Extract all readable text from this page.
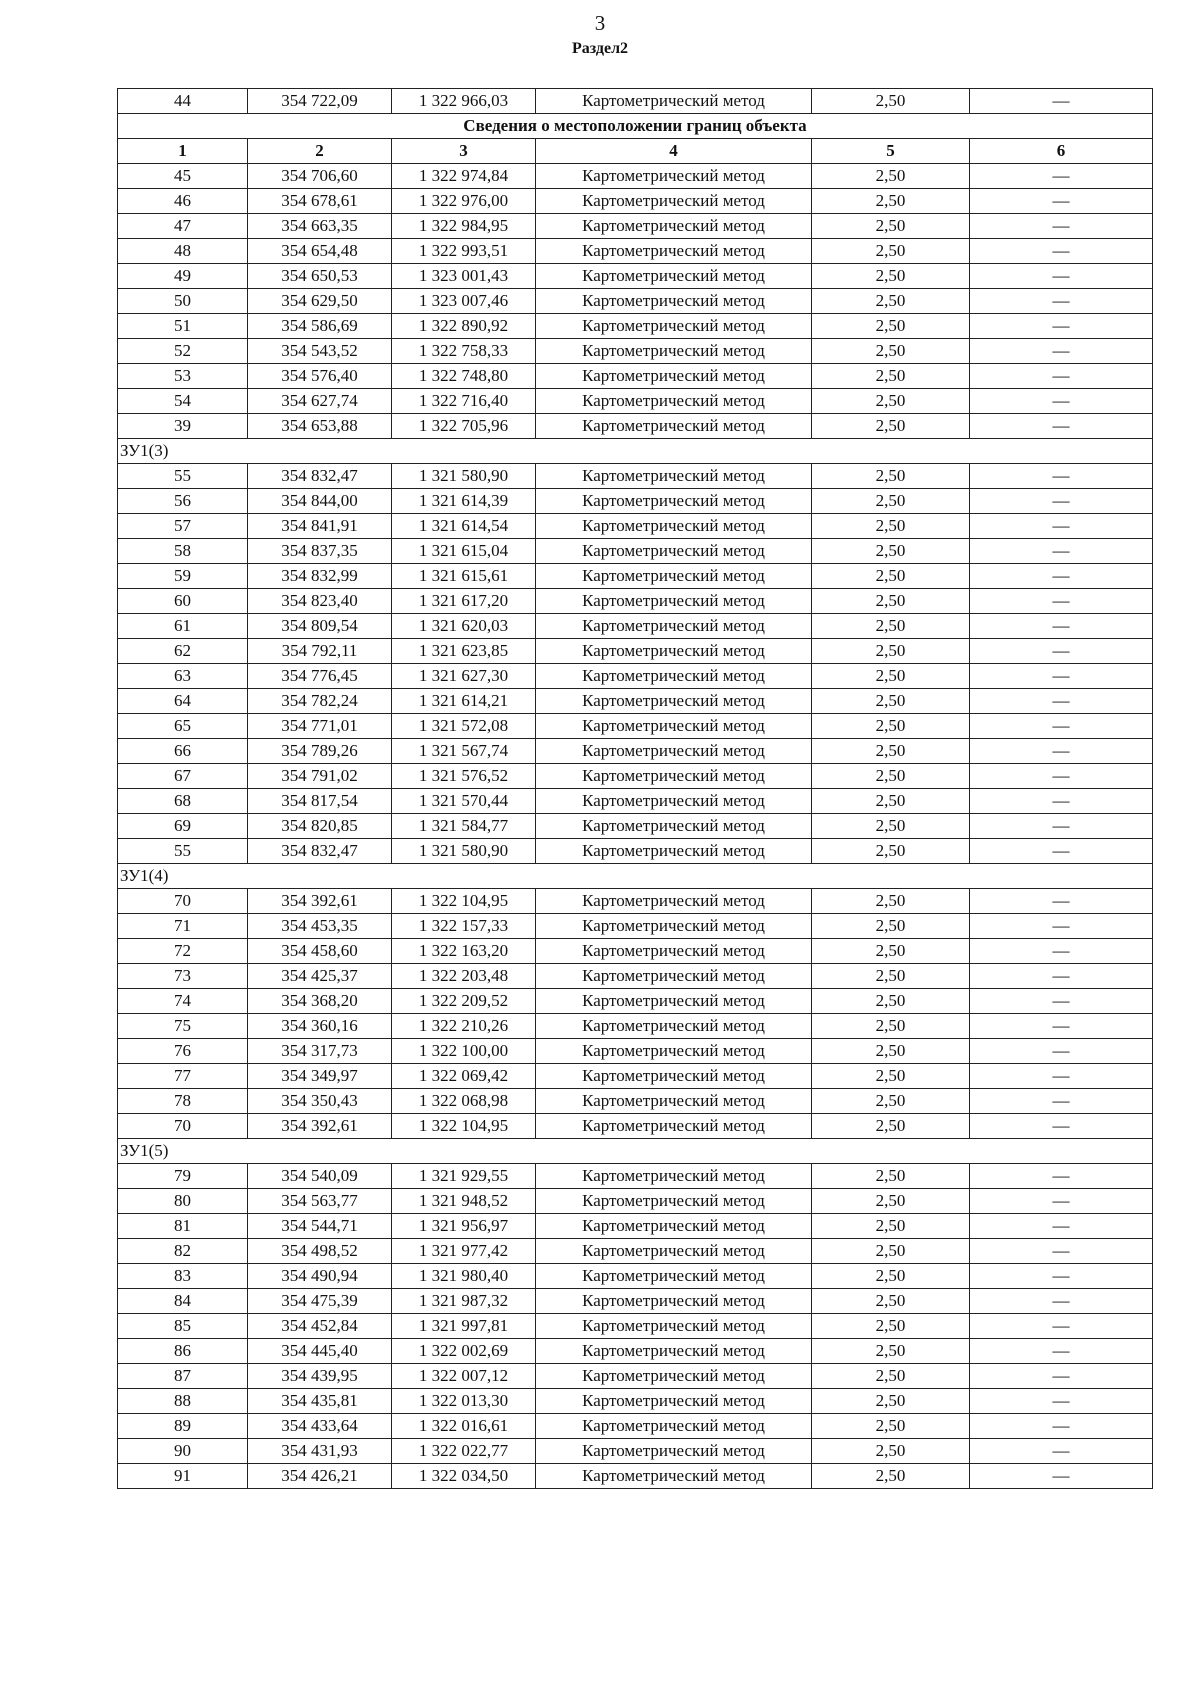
3
Раздел2
44	354 722,09	1 322 966,03	Картометрический метод	2,50	—
Сведения о местоположении границ объекта					
1	2	3	4	5	6
45	354 706,60	1 322 974,84	Картометрический метод	2,50	—
46	354 678,61	1 322 976,00	Картометрический метод	2,50	—
47	354 663,35	1 322 984,95	Картометрический метод	2,50	—
48	354 654,48	1 322 993,51	Картометрический метод	2,50	—
49	354 650,53	1 323 001,43	Картометрический метод	2,50	—
50	354 629,50	1 323 007,46	Картометрический метод	2,50	—
51	354 586,69	1 322 890,92	Картометрический метод	2,50	—
52	354 543,52	1 322 758,33	Картометрический метод	2,50	—
53	354 576,40	1 322 748,80	Картометрический метод	2,50	—
54	354 627,74	1 322 716,40	Картометрический метод	2,50	—
39	354 653,88	1 322 705,96	Картометрический метод	2,50	—
ЗУ1(3)					
55	354 832,47	1 321 580,90	Картометрический метод	2,50	—
56	354 844,00	1 321 614,39	Картометрический метод	2,50	—
57	354 841,91	1 321 614,54	Картометрический метод	2,50	—
58	354 837,35	1 321 615,04	Картометрический метод	2,50	—
59	354 832,99	1 321 615,61	Картометрический метод	2,50	—
60	354 823,40	1 321 617,20	Картометрический метод	2,50	—
61	354 809,54	1 321 620,03	Картометрический метод	2,50	—
62	354 792,11	1 321 623,85	Картометрический метод	2,50	—
63	354 776,45	1 321 627,30	Картометрический метод	2,50	—
64	354 782,24	1 321 614,21	Картометрический метод	2,50	—
65	354 771,01	1 321 572,08	Картометрический метод	2,50	—
66	354 789,26	1 321 567,74	Картометрический метод	2,50	—
67	354 791,02	1 321 576,52	Картометрический метод	2,50	—
68	354 817,54	1 321 570,44	Картометрический метод	2,50	—
69	354 820,85	1 321 584,77	Картометрический метод	2,50	—
55	354 832,47	1 321 580,90	Картометрический метод	2,50	—
ЗУ1(4)					
70	354 392,61	1 322 104,95	Картометрический метод	2,50	—
71	354 453,35	1 322 157,33	Картометрический метод	2,50	—
72	354 458,60	1 322 163,20	Картометрический метод	2,50	—
73	354 425,37	1 322 203,48	Картометрический метод	2,50	—
74	354 368,20	1 322 209,52	Картометрический метод	2,50	—
75	354 360,16	1 322 210,26	Картометрический метод	2,50	—
76	354 317,73	1 322 100,00	Картометрический метод	2,50	—
77	354 349,97	1 322 069,42	Картометрический метод	2,50	—
78	354 350,43	1 322 068,98	Картометрический метод	2,50	—
70	354 392,61	1 322 104,95	Картометрический метод	2,50	—
ЗУ1(5)					
79	354 540,09	1 321 929,55	Картометрический метод	2,50	—
80	354 563,77	1 321 948,52	Картометрический метод	2,50	—
81	354 544,71	1 321 956,97	Картометрический метод	2,50	—
82	354 498,52	1 321 977,42	Картометрический метод	2,50	—
83	354 490,94	1 321 980,40	Картометрический метод	2,50	—
84	354 475,39	1 321 987,32	Картометрический метод	2,50	—
85	354 452,84	1 321 997,81	Картометрический метод	2,50	—
86	354 445,40	1 322 002,69	Картометрический метод	2,50	—
87	354 439,95	1 322 007,12	Картометрический метод	2,50	—
88	354 435,81	1 322 013,30	Картометрический метод	2,50	—
89	354 433,64	1 322 016,61	Картометрический метод	2,50	—
90	354 431,93	1 322 022,77	Картометрический метод	2,50	—
91	354 426,21	1 322 034,50	Картометрический метод	2,50	—
